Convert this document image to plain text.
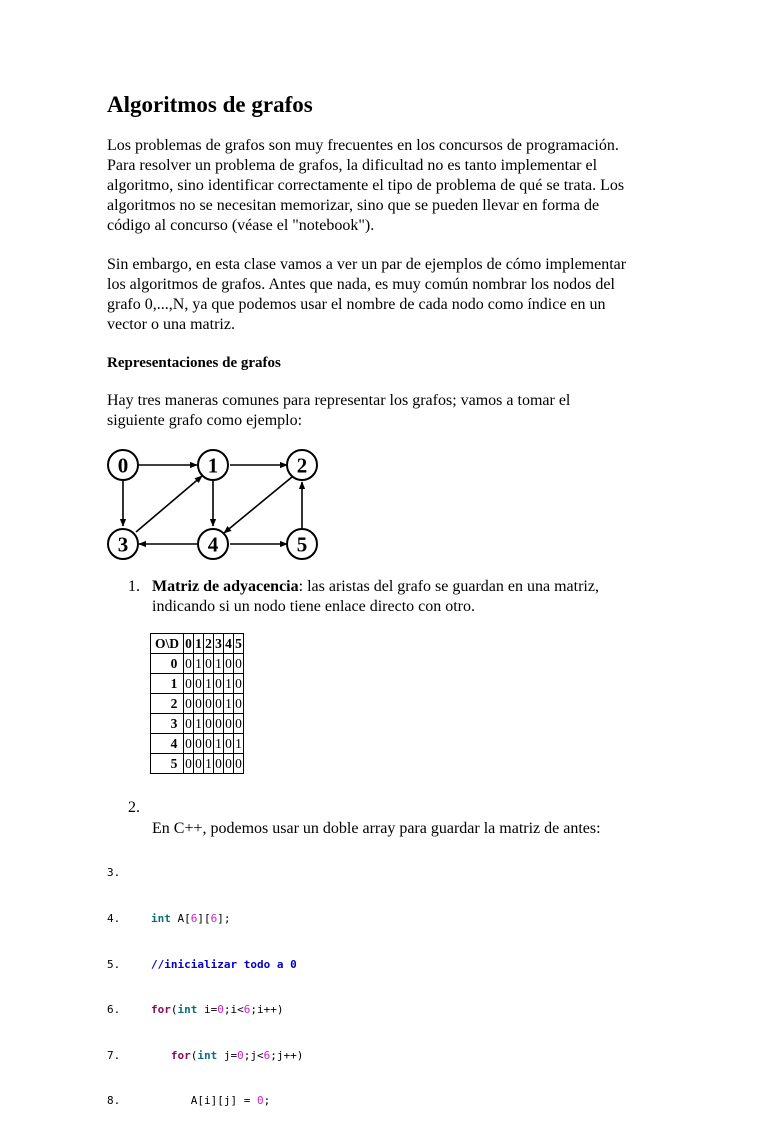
Algoritmos de grafos

Los problemas de grafos son muy frecuentes en los concursos de programación.
Para resolver un problema de grafos, la dificultad no es tanto implementar el
algoritmo, sino identificar correctamente el tipo de problema de qué se trata. Los
algoritmos no se necesitan memorizar, sino que se pueden llevar en forma de
código al concurso (véase el "notebook").

Sin embargo, en esta clase vamos a ver un par de ejemplos de cómo implementar
los algoritmos de grafos. Antes que nada, es muy común nombrar los nodos del
grafo 0,...,N, ya que podemos usar el nombre de cada nodo como índice en un
vector o una matriz.

Representaciones de grafos

Hay tres maneras comunes para representar los grafos; vamos a tomar el
siguiente grafo como ejemplo:

0	1	2
3	4	5
1. Matriz de adyacencia: las aristas del grafo se guardan en una matriz,
indicando si un nodo tiene enlace directo con otro.
O\D	0	1	2	3	4	5
0	0	1	0	1	0	0
1	0	0	1	0	1	0
2	0	0	0	0	1	0
3	0	1	0	0	0	0
4	0	0	0	1	0	1
5	0	0	1	0	0	0
2.
En C++, podemos usar un doble array para guardar la matriz de antes:

3.

4.	int A[6][6];

5.	//inicializar todo a 0

6.	for(int i=0;i<6;i++)

7.	for(int j=0;j<6;j++)

8.	A[i][j] = 0;
